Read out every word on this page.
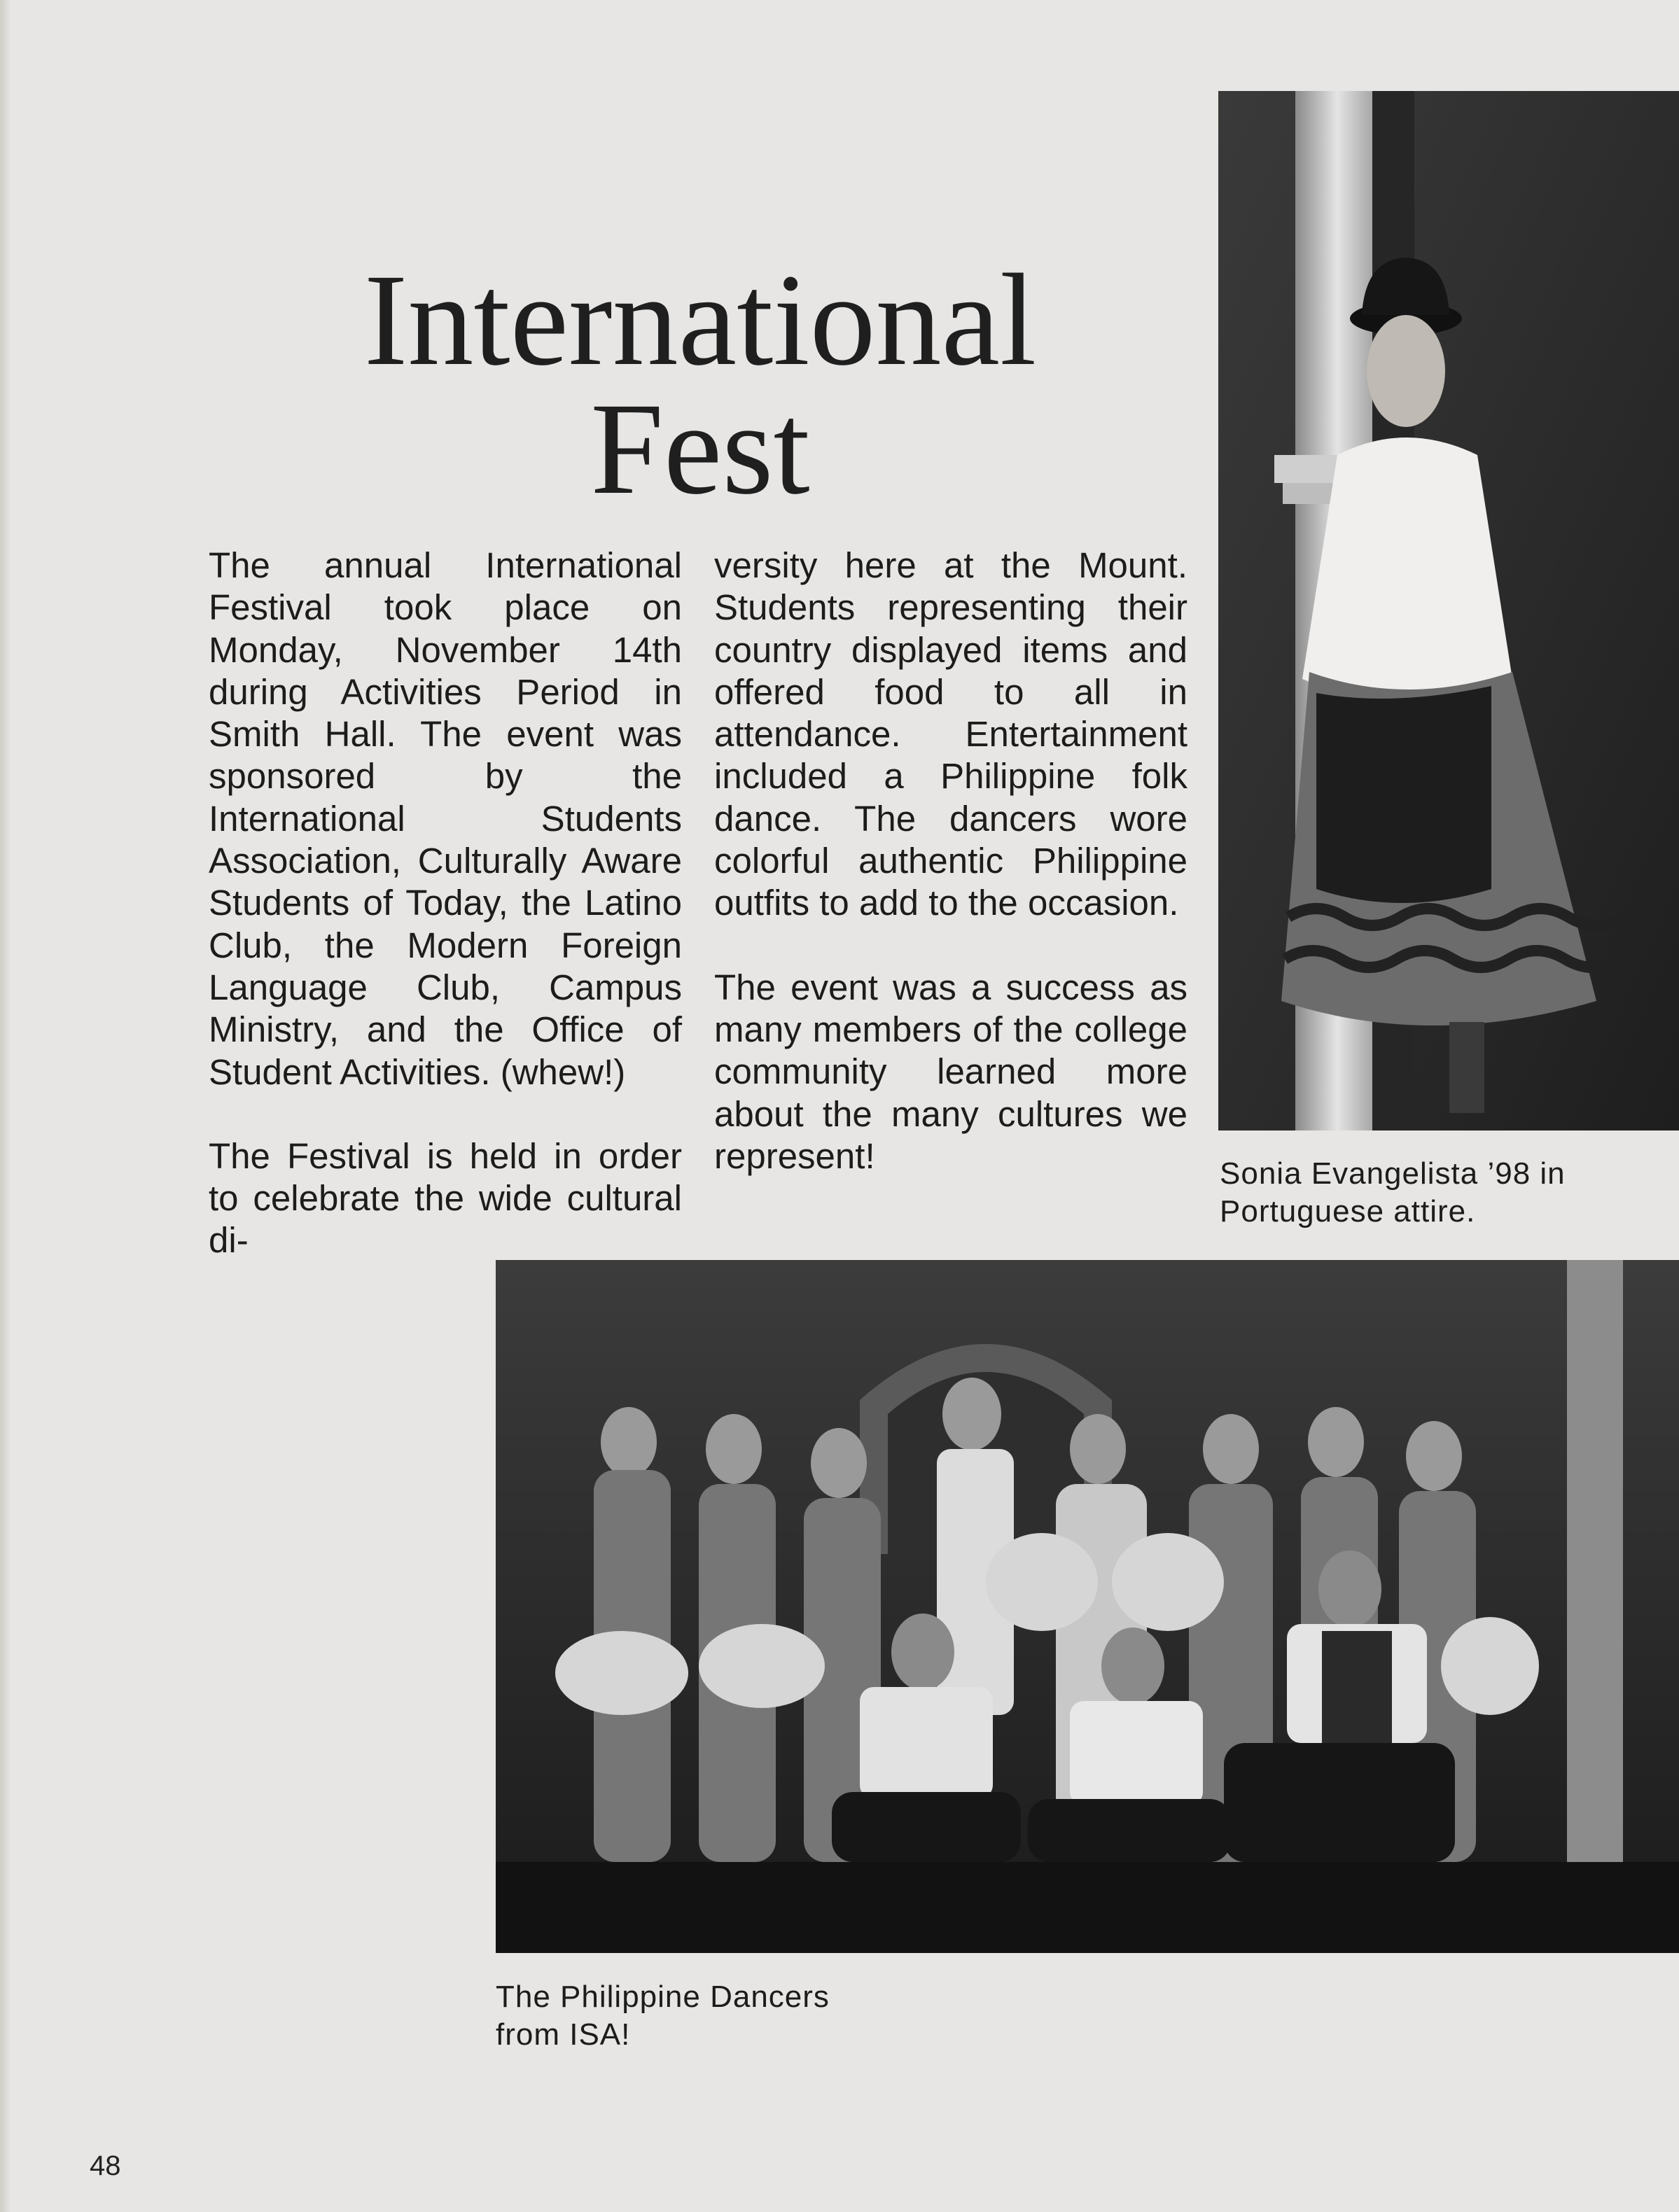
International
Fest

The annual International Festival took place on Monday, November 14th during Activities Period in Smith Hall. The event was sponsored by the International Students Association, Culturally Aware Students of Today, the Latino Club, the Modern Foreign Language Club, Campus Ministry, and the Office of Student Activities. (whew!)

The Festival is held in order to celebrate the wide cultural di-

versity here at the Mount. Students representing their country displayed items and offered food to all in attendance. Entertainment included a Philippine folk dance. The dancers wore colorful authentic Philippine outfits to add to the occasion.

The event was a success as many members of the college community learned more about the many cultures we represent!	Sonia Evangelista ’98 in
Portuguese attire.
The Philippine Dancers
from ISA!
48
